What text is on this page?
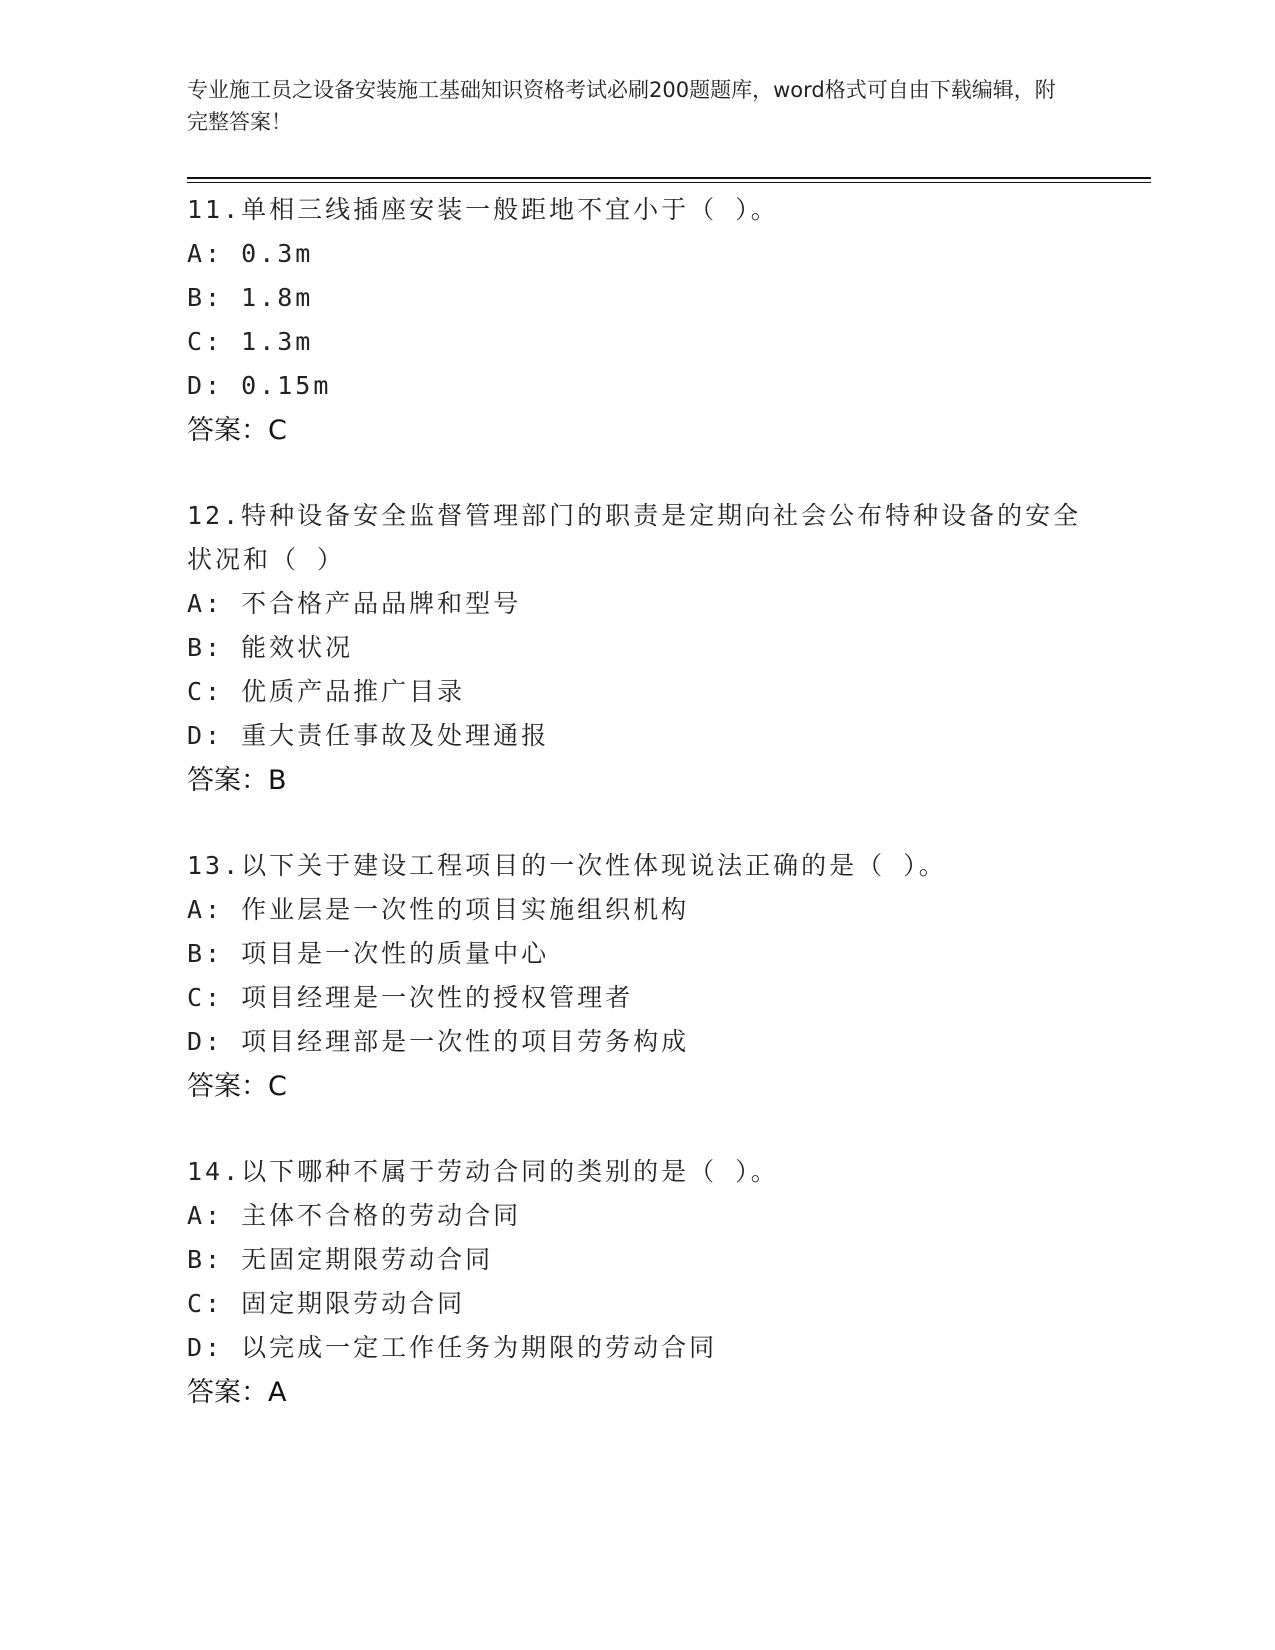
专业施工员之设备安装施工基础知识资格考试必刷200题题库，word格式可自由下载编辑，附完整答案！
11.单相三线插座安装一般距地不宜小于（ ）。
A: 0.3m
B: 1.8m
C: 1.3m
D: 0.15m
答案：C
12.特种设备安全监督管理部门的职责是定期向社会公布特种设备的安全状况和（ ）
A: 不合格产品品牌和型号
B: 能效状况
C: 优质产品推广目录
D: 重大责任事故及处理通报
答案：B
13.以下关于建设工程项目的一次性体现说法正确的是（ ）。
A: 作业层是一次性的项目实施组织机构
B: 项目是一次性的质量中心
C: 项目经理是一次性的授权管理者
D: 项目经理部是一次性的项目劳务构成
答案：C
14.以下哪种不属于劳动合同的类别的是（ ）。
A: 主体不合格的劳动合同
B: 无固定期限劳动合同
C: 固定期限劳动合同
D: 以完成一定工作任务为期限的劳动合同
答案：A
